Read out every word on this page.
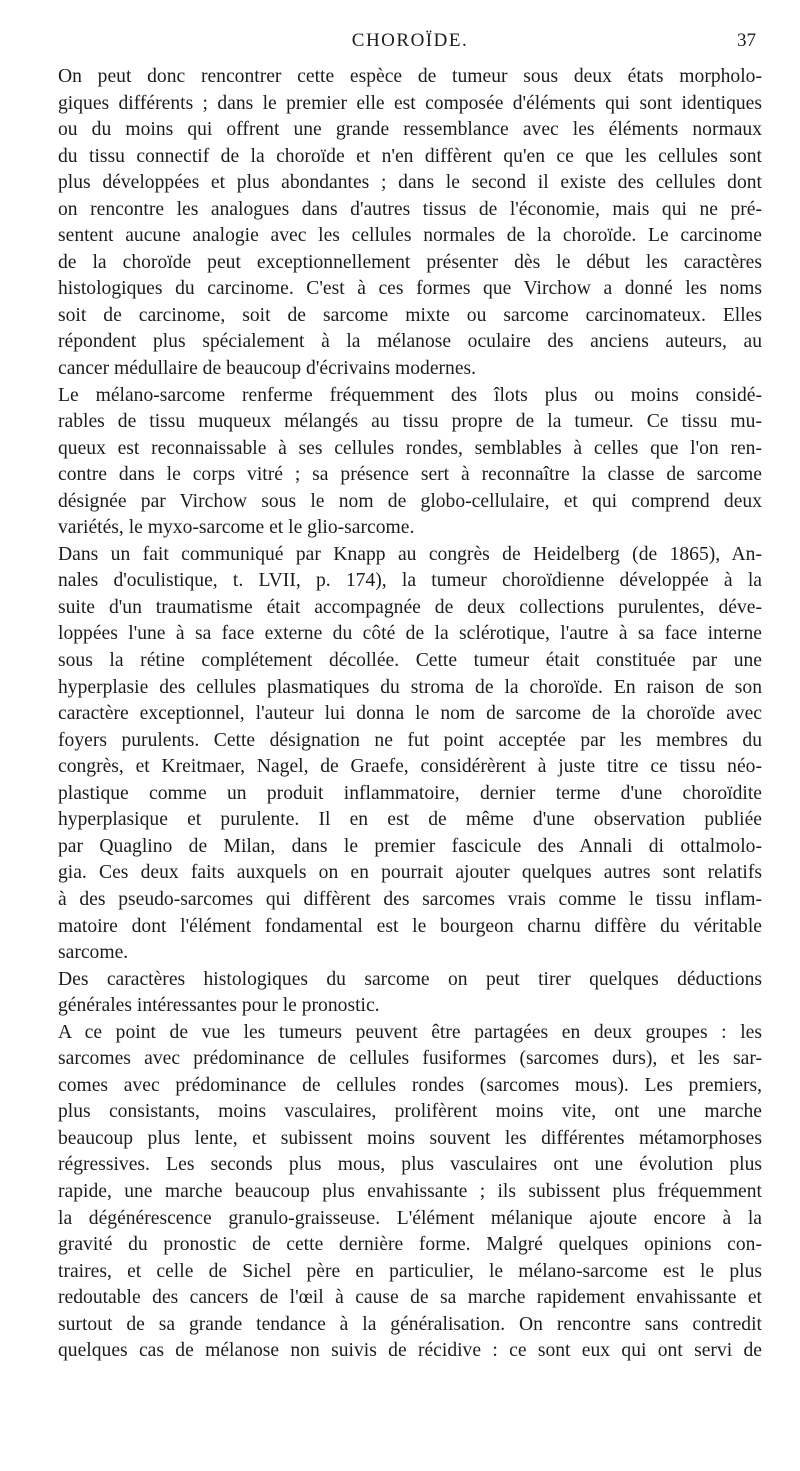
CHOROÏDE.	37

On peut donc rencontrer cette espèce de tumeur sous deux états morpholo-
giques différents ; dans le premier elle est composée d'éléments qui sont identiques
ou du moins qui offrent une grande ressemblance avec les éléments normaux
du tissu connectif de la choroïde et n'en diffèrent qu'en ce que les cellules sont
plus développées et plus abondantes ; dans le second il existe des cellules dont
on rencontre les analogues dans d'autres tissus de l'économie, mais qui ne pré-
sentent aucune analogie avec les cellules normales de la choroïde. Le carcinome
de la choroïde peut exceptionnellement présenter dès le début les caractères
histologiques du carcinome. C'est à ces formes que Virchow a donné les noms
soit de carcinome, soit de sarcome mixte ou sarcome carcinomateux. Elles
répondent plus spécialement à la mélanose oculaire des anciens auteurs, au
cancer médullaire de beaucoup d'écrivains modernes.

Le mélano-sarcome renferme fréquemment des îlots plus ou moins considé-
rables de tissu muqueux mélangés au tissu propre de la tumeur. Ce tissu mu-
queux est reconnaissable à ses cellules rondes, semblables à celles que l'on ren-
contre dans le corps vitré ; sa présence sert à reconnaître la classe de sarcome
désignée par Virchow sous le nom de globo-cellulaire, et qui comprend deux
variétés, le myxo-sarcome et le glio-sarcome.

Dans un fait communiqué par Knapp au congrès de Heidelberg (de 1865), An-
nales d'oculistique, t. LVII, p. 174), la tumeur choroïdienne développée à la
suite d'un traumatisme était accompagnée de deux collections purulentes, déve-
loppées l'une à sa face externe du côté de la sclérotique, l'autre à sa face interne
sous la rétine complétement décollée. Cette tumeur était constituée par une
hyperplasie des cellules plasmatiques du stroma de la choroïde. En raison de son
caractère exceptionnel, l'auteur lui donna le nom de sarcome de la choroïde avec
foyers purulents. Cette désignation ne fut point acceptée par les membres du
congrès, et Kreitmaer, Nagel, de Graefe, considérèrent à juste titre ce tissu néo-
plastique comme un produit inflammatoire, dernier terme d'une choroïdite
hyperplasique et purulente. Il en est de même d'une observation publiée
par Quaglino de Milan, dans le premier fascicule des Annali di ottalmolo-
gia. Ces deux faits auxquels on en pourrait ajouter quelques autres sont relatifs
à des pseudo-sarcomes qui diffèrent des sarcomes vrais comme le tissu inflam-
matoire dont l'élément fondamental est le bourgeon charnu diffère du véritable
sarcome.

Des caractères histologiques du sarcome on peut tirer quelques déductions
générales intéressantes pour le pronostic.

A ce point de vue les tumeurs peuvent être partagées en deux groupes : les
sarcomes avec prédominance de cellules fusiformes (sarcomes durs), et les sar-
comes avec prédominance de cellules rondes (sarcomes mous). Les premiers,
plus consistants, moins vasculaires, prolifèrent moins vite, ont une marche
beaucoup plus lente, et subissent moins souvent les différentes métamorphoses
régressives. Les seconds plus mous, plus vasculaires ont une évolution plus
rapide, une marche beaucoup plus envahissante ; ils subissent plus fréquemment
la dégénérescence granulo-graisseuse. L'élément mélanique ajoute encore à la
gravité du pronostic de cette dernière forme. Malgré quelques opinions con-
traires, et celle de Sichel père en particulier, le mélano-sarcome est le plus
redoutable des cancers de l'œil à cause de sa marche rapidement envahissante et
surtout de sa grande tendance à la généralisation. On rencontre sans contredit
quelques cas de mélanose non suivis de récidive : ce sont eux qui ont servi de
